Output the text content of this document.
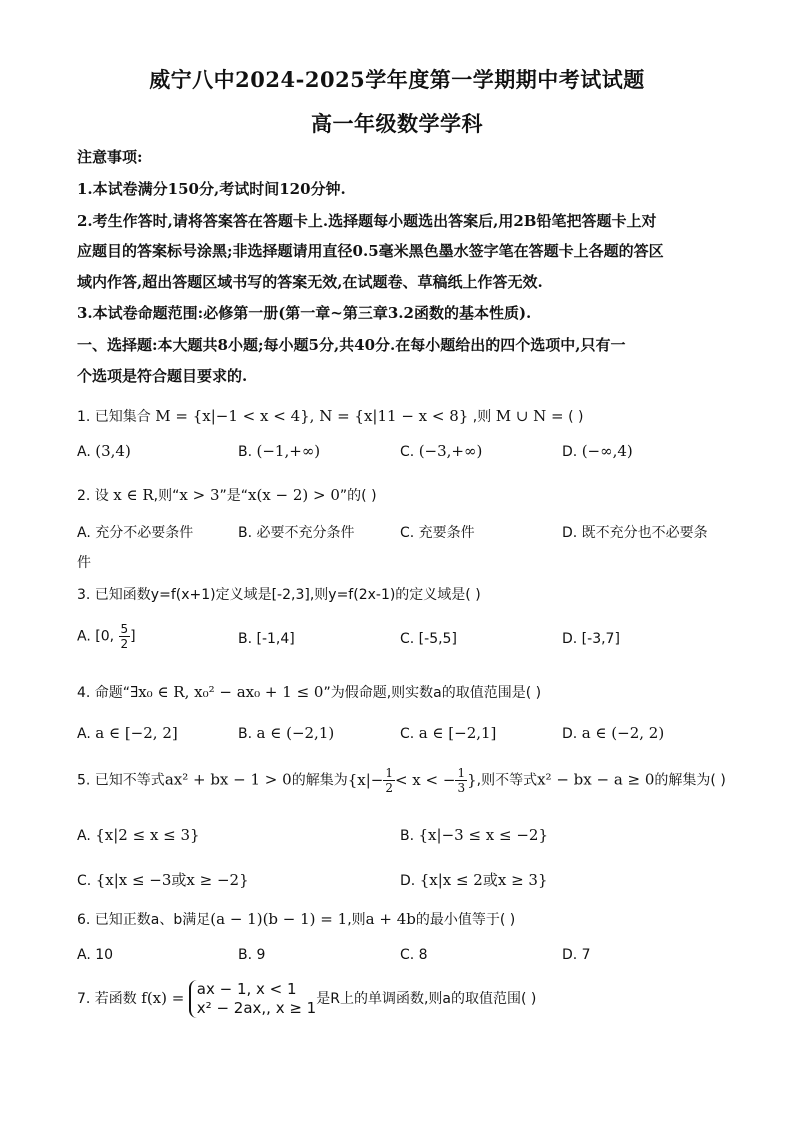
威宁八中2024-2025学年度第一学期期中考试试题
高一年级数学学科
注意事项:
1.本试卷满分150分,考试时间120分钟.
2.考生作答时,请将答案答在答题卡上.选择题每小题选出答案后,用2B铅笔把答题卡上对
应题目的答案标号涂黑;非选择题请用直径0.5毫米黑色墨水签字笔在答题卡上各题的答区
域内作答,超出答题区域书写的答案无效,在试题卷、草稿纸上作答无效.
3.本试卷命题范围:必修第一册(第一章~第三章3.2函数的基本性质).
一、选择题:本大题共8小题;每小题5分,共40分.在每小题给出的四个选项中,只有一
个选项是符合题目要求的.
1. 已知集合 M = {x|−1 < x < 4}, N = {x|11 − x < 8} ,则 M ∪ N = ( )
A. (3,4)	B. (−1,+∞)	C. (−3,+∞)	D. (−∞,4)
2. 设 x ∈ R,则“x > 3”是“x(x − 2) > 0”的( )
A. 充分不必要条件	B. 必要不充分条件	C. 充要条件	D. 既不充分也不必要条
件
3. 已知函数y=f(x+1)定义域是[-2,3],则y=f(2x-1)的定义域是( )
A. [0, $\frac{5}{2}$ ]	B. [-1,4]	C. [-5,5]	D. [-3,7]
4. 命题“∃x₀ ∈ R, x₀² − ax₀ + 1 ≤ 0”为假命题,则实数a的取值范围是( )
A. a ∈ [−2, 2]	B. a ∈ (−2,1)	C. a ∈ [−2,1]	D. a ∈ (−2, 2)
5. 已知不等式ax² + bx − 1 > 0的解集为{$x|- \frac{1}{2} < x$ < − $\frac{1}{3}$ },则不等式x² − bx − a ≥ 0的解集为( )
A. {x|2 ≤ x ≤ 3}	B. {x|−3 ≤ x ≤ −2}
C. {x|x ≤ −3或x ≥ −2}	D. {x|x ≤ 2或x ≥ 3}
6. 已知正数a、b满足(a − 1)(b − 1) = 1,则a + 4b的最小值等于( )
A. 10	B. 9	C. 8	D. 7
7. 若函数 f(x) = ax − 1, x < 1
x² − 2ax,, x ≥ 1 是R上的单调函数,则a的取值范围( )
